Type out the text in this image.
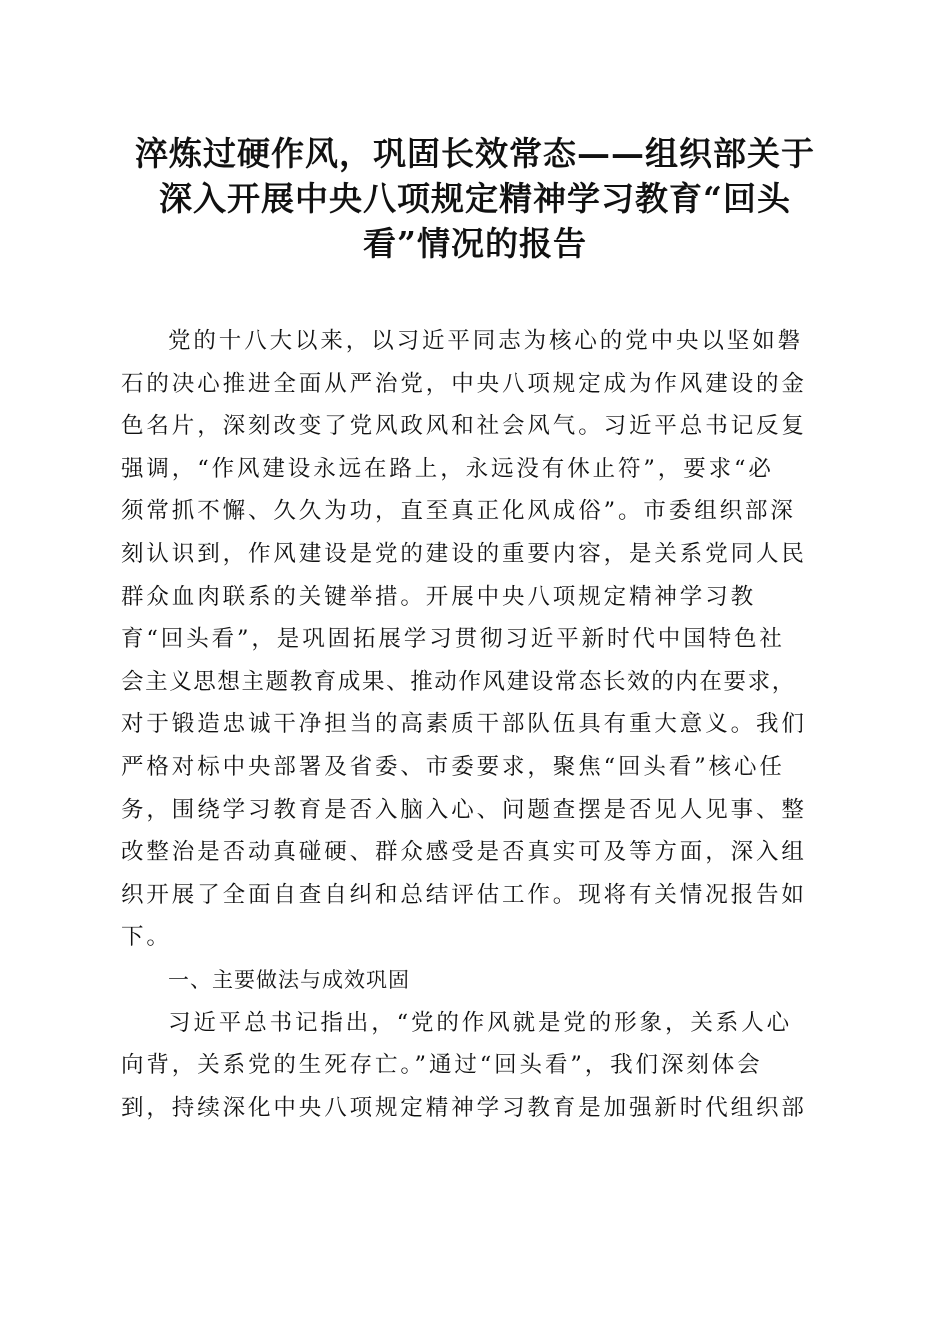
淬炼过硬作风，巩固长效常态——组织部关于
深入开展中央八项规定精神学习教育“回头
看”情况的报告
党的十八大以来，以习近平同志为核心的党中央以坚如磐
石的决心推进全面从严治党，中央八项规定成为作风建设的金
色名片，深刻改变了党风政风和社会风气。习近平总书记反复
强调，“作风建设永远在路上，永远没有休止符”，要求“必
须常抓不懈、久久为功，直至真正化风成俗”。市委组织部深
刻认识到，作风建设是党的建设的重要内容，是关系党同人民
群众血肉联系的关键举措。开展中央八项规定精神学习教
育“回头看”，是巩固拓展学习贯彻习近平新时代中国特色社
会主义思想主题教育成果、推动作风建设常态长效的内在要求，
对于锻造忠诚干净担当的高素质干部队伍具有重大意义。我们
严格对标中央部署及省委、市委要求，聚焦“回头看”核心任
务，围绕学习教育是否入脑入心、问题查摆是否见人见事、整
改整治是否动真碰硬、群众感受是否真实可及等方面，深入组
织开展了全面自查自纠和总结评估工作。现将有关情况报告如
下。
一、主要做法与成效巩固
习近平总书记指出，“党的作风就是党的形象，关系人心
向背，关系党的生死存亡。”通过“回头看”，我们深刻体会
到，持续深化中央八项规定精神学习教育是加强新时代组织部
